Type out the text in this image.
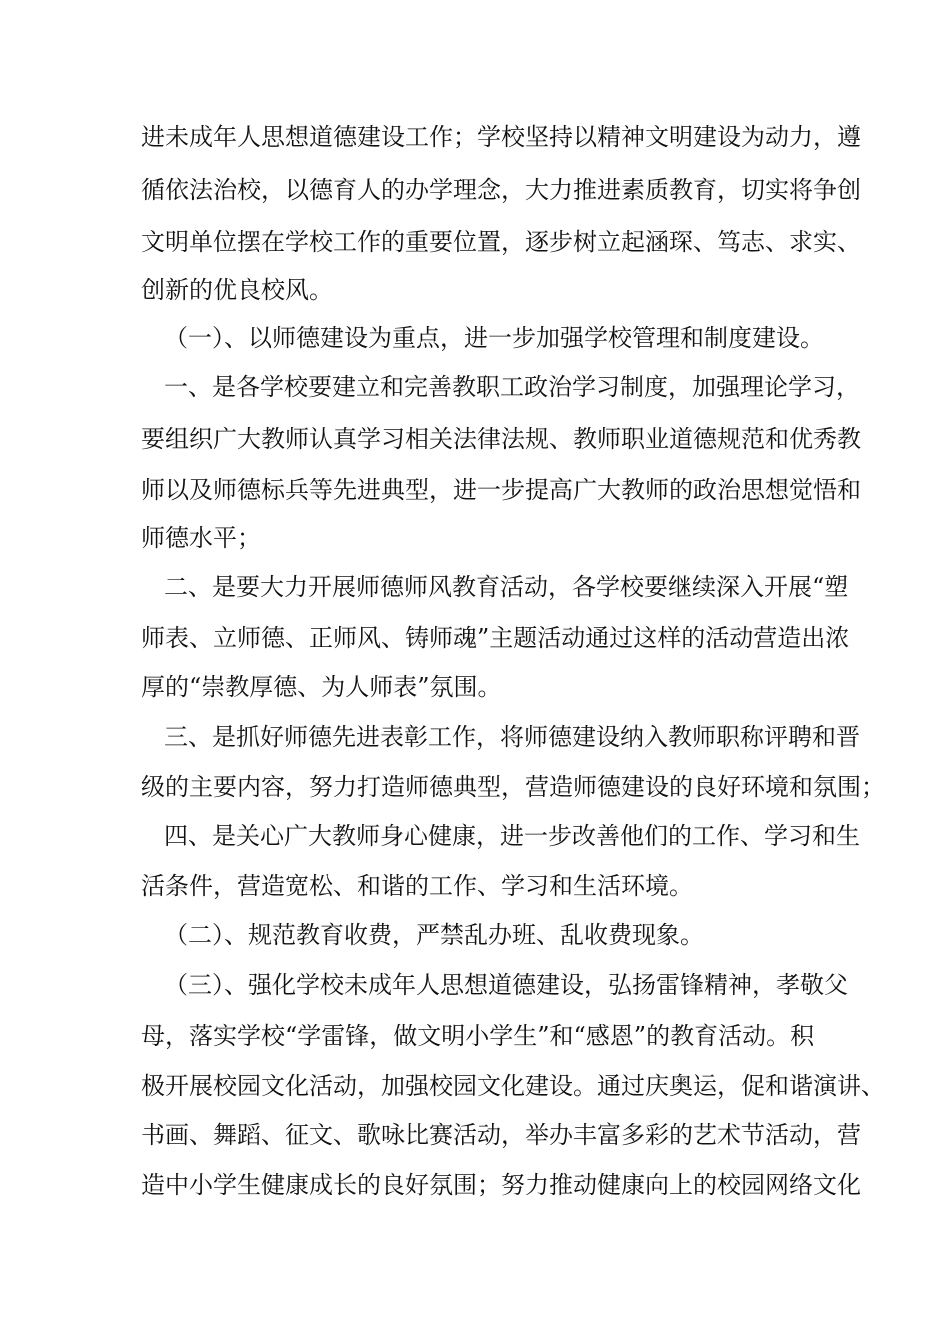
进未成年人思想道德建设工作；学校坚持以精神文明建设为动力，遵
循依法治校，以德育人的办学理念，大力推进素质教育，切实将争创
文明单位摆在学校工作的重要位置，逐步树立起涵琛、笃志、求实、
创新的优良校风。
（一）、以师德建设为重点，进一步加强学校管理和制度建设。
一、是各学校要建立和完善教职工政治学习制度，加强理论学习，
要组织广大教师认真学习相关法律法规、教师职业道德规范和优秀教
师以及师德标兵等先进典型，进一步提高广大教师的政治思想觉悟和
师德水平；
二、是要大力开展师德师风教育活动，各学校要继续深入开展“塑
师表、立师德、正师风、铸师魂”主题活动通过这样的活动营造出浓
厚的“崇教厚德、为人师表”氛围。
三、是抓好师德先进表彰工作，将师德建设纳入教师职称评聘和晋
级的主要内容，努力打造师德典型，营造师德建设的良好环境和氛围；
四、是关心广大教师身心健康，进一步改善他们的工作、学习和生
活条件，营造宽松、和谐的工作、学习和生活环境。
（二）、规范教育收费，严禁乱办班、乱收费现象。
（三）、强化学校未成年人思想道德建设，弘扬雷锋精神，孝敬父
母，落实学校“学雷锋，做文明小学生”和“感恩”的教育活动。积
极开展校园文化活动，加强校园文化建设。通过庆奥运，促和谐演讲、
书画、舞蹈、征文、歌咏比赛活动，举办丰富多彩的艺术节活动，营
造中小学生健康成长的良好氛围；努力推动健康向上的校园网络文化
